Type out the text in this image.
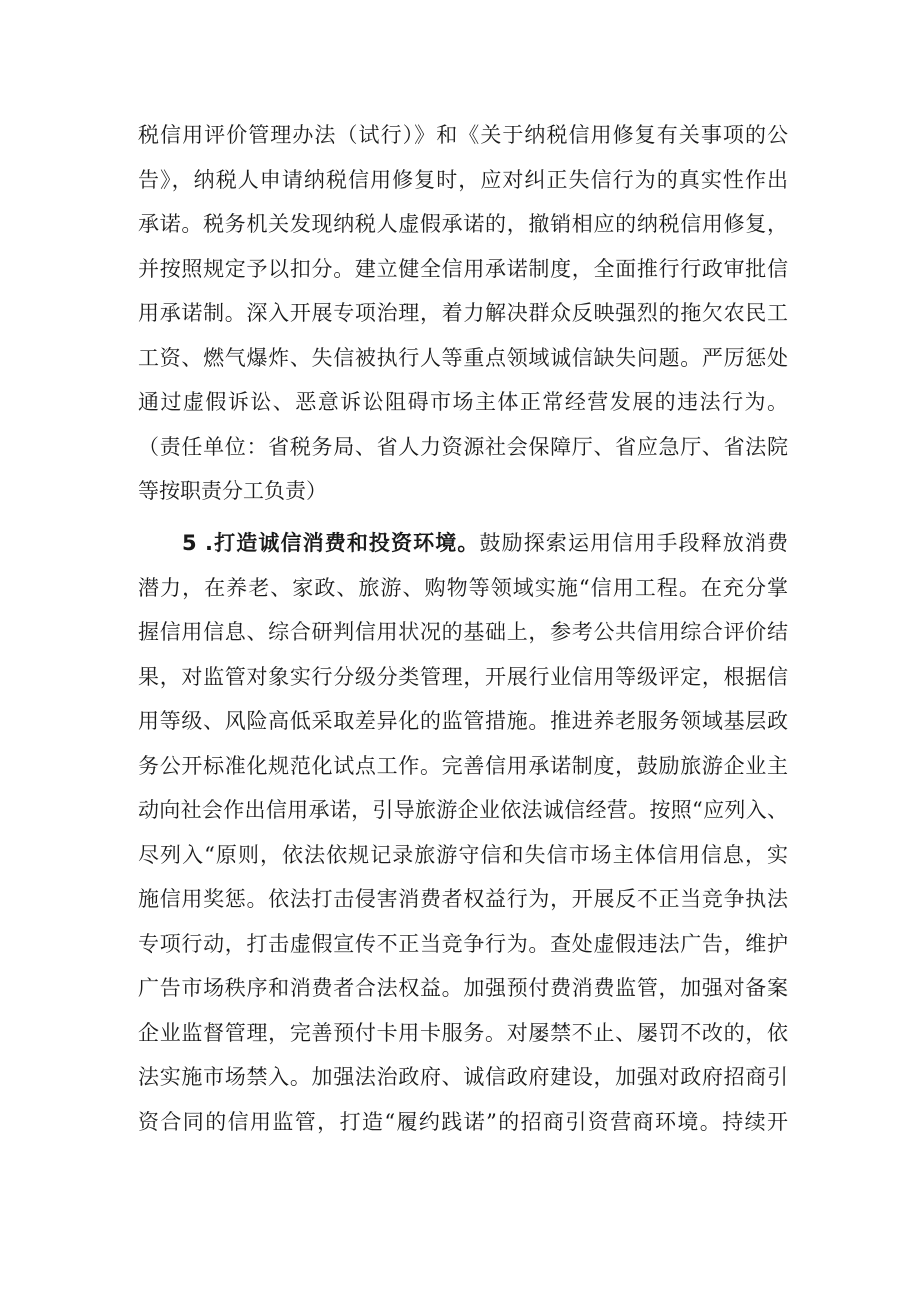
税信用评价管理办法（试行）》和《关于纳税信用修复有关事项的公
告》，纳税人申请纳税信用修复时，应对纠正失信行为的真实性作出
承诺。税务机关发现纳税人虚假承诺的，撤销相应的纳税信用修复，
并按照规定予以扣分。建立健全信用承诺制度，全面推行行政审批信
用承诺制。深入开展专项治理，着力解决群众反映强烈的拖欠农民工
工资、燃气爆炸、失信被执行人等重点领域诚信缺失问题。严厉惩处
通过虚假诉讼、恶意诉讼阻碍市场主体正常经营发展的违法行为。
（责任单位：省税务局、省人力资源社会保障厅、省应急厅、省法院
等按职责分工负责）
5 .打造诚信消费和投资环境。鼓励探索运用信用手段释放消费
潜力，在养老、家政、旅游、购物等领域实施“信用工程。在充分掌
握信用信息、综合研判信用状况的基础上，参考公共信用综合评价结
果，对监管对象实行分级分类管理，开展行业信用等级评定，根据信
用等级、风险高低采取差异化的监管措施。推进养老服务领域基层政
务公开标准化规范化试点工作。完善信用承诺制度，鼓励旅游企业主
动向社会作出信用承诺，引导旅游企业依法诚信经营。按照“应列入、
尽列入“原则，依法依规记录旅游守信和失信市场主体信用信息，实
施信用奖惩。依法打击侵害消费者权益行为，开展反不正当竞争执法
专项行动，打击虚假宣传不正当竞争行为。查处虚假违法广告，维护
广告市场秩序和消费者合法权益。加强预付费消费监管，加强对备案
企业监督管理，完善预付卡用卡服务。对屡禁不止、屡罚不改的，依
法实施市场禁入。加强法治政府、诚信政府建设，加强对政府招商引
资合同的信用监管，打造“履约践诺”的招商引资营商环境。持续开
